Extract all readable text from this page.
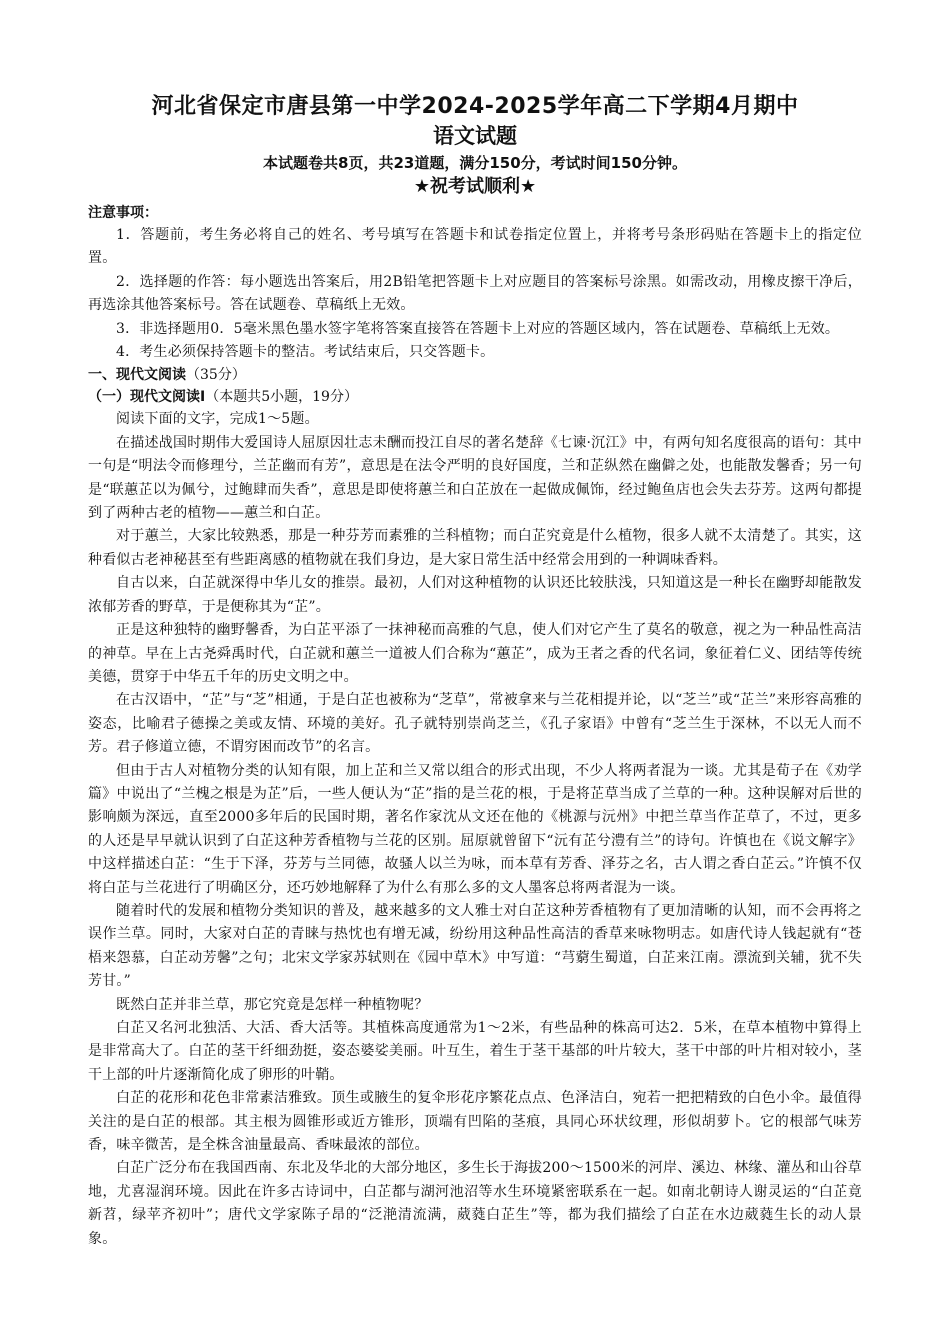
河北省保定市唐县第一中学2024-2025学年高二下学期4月期中
语文试题
本试题卷共8页，共23道题，满分150分，考试时间150分钟。
★祝考试顺利★
注意事项：

1．答题前，考生务必将自己的姓名、考号填写在答题卡和试卷指定位置上，并将考号条形码贴在答题卡上的指定位置。

2．选择题的作答：每小题选出答案后，用2B铅笔把答题卡上对应题目的答案标号涂黑。如需改动，用橡皮擦干净后，再选涂其他答案标号。答在试题卷、草稿纸上无效。

3．非选择题用0．5毫米黑色墨水签字笔将答案直接答在答题卡上对应的答题区域内，答在试题卷、草稿纸上无效。

4．考生必须保持答题卡的整洁。考试结束后，只交答题卡。

一、现代文阅读（35分）
（一）现代文阅读Ⅰ（本题共5小题，19分）

阅读下面的文字，完成1～5题。

在描述战国时期伟大爱国诗人屈原因壮志未酬而投江自尽的著名楚辞《七谏·沉江》中，有两句知名度很高的语句：其中一句是“明法令而修理兮，兰芷幽而有芳”，意思是在法令严明的良好国度，兰和芷纵然在幽僻之处，也能散发馨香；另一句是“联蕙芷以为佩兮，过鲍肆而失香”，意思是即使将蕙兰和白芷放在一起做成佩饰，经过鲍鱼店也会失去芬芳。这两句都提到了两种古老的植物——蕙兰和白芷。

对于蕙兰，大家比较熟悉，那是一种芬芳而素雅的兰科植物；而白芷究竟是什么植物，很多人就不太清楚了。其实，这种看似古老神秘甚至有些距离感的植物就在我们身边，是大家日常生活中经常会用到的一种调味香料。

自古以来，白芷就深得中华儿女的推崇。最初，人们对这种植物的认识还比较肤浅，只知道这是一种长在幽野却能散发浓郁芳香的野草，于是便称其为“芷”。

正是这种独特的幽野馨香，为白芷平添了一抹神秘而高雅的气息，使人们对它产生了莫名的敬意，视之为一种品性高洁的神草。早在上古尧舜禹时代，白芷就和蕙兰一道被人们合称为“蕙芷”，成为王者之香的代名词，象征着仁义、团结等传统美德，贯穿于中华五千年的历史文明之中。

在古汉语中，“芷”与“芝”相通，于是白芷也被称为“芝草”，常被拿来与兰花相提并论，以“芝兰”或“芷兰”来形容高雅的姿态，比喻君子德操之美或友情、环境的美好。孔子就特别崇尚芝兰，《孔子家语》中曾有“芝兰生于深林，不以无人而不芳。君子修道立德，不谓穷困而改节”的名言。

但由于古人对植物分类的认知有限，加上芷和兰又常以组合的形式出现，不少人将两者混为一谈。尤其是荀子在《劝学篇》中说出了“兰槐之根是为芷”后，一些人便认为“芷”指的是兰花的根，于是将芷草当成了兰草的一种。这种误解对后世的影响颇为深远，直至2000多年后的民国时期，著名作家沈从文还在他的《桃源与沅州》中把兰草当作芷草了，不过，更多的人还是早早就认识到了白芷这种芳香植物与兰花的区别。屈原就曾留下“沅有芷兮澧有兰”的诗句。许慎也在《说文解字》中这样描述白芷：“生于下泽，芬芳与兰同德，故骚人以兰为咏，而本草有芳香、泽芬之名，古人谓之香白芷云。”许慎不仅将白芷与兰花进行了明确区分，还巧妙地解释了为什么有那么多的文人墨客总将两者混为一谈。

随着时代的发展和植物分类知识的普及，越来越多的文人雅士对白芷这种芳香植物有了更加清晰的认知，而不会再将之误作兰草。同时，大家对白芷的青睐与热忱也有增无减，纷纷用这种品性高洁的香草来咏物明志。如唐代诗人钱起就有“苍梧来怨慕，白芷动芳馨”之句；北宋文学家苏轼则在《园中草木》中写道：“芎藭生蜀道，白芷来江南。漂流到关辅，犹不失芳甘。”

既然白芷并非兰草，那它究竟是怎样一种植物呢？

白芷又名河北独活、大活、香大活等。其植株高度通常为1～2米，有些品种的株高可达2．5米，在草本植物中算得上是非常高大了。白芷的茎干纤细劲挺，姿态婆娑美丽。叶互生，着生于茎干基部的叶片较大，茎干中部的叶片相对较小，茎干上部的叶片逐渐简化成了卵形的叶鞘。

白芷的花形和花色非常素洁雅致。顶生或腋生的复伞形花序繁花点点、色泽洁白，宛若一把把精致的白色小伞。最值得关注的是白芷的根部。其主根为圆锥形或近方锥形，顶端有凹陷的茎痕，具同心环状纹理，形似胡萝卜。它的根部气味芳香，味辛微苦，是全株含油量最高、香味最浓的部位。

白芷广泛分布在我国西南、东北及华北的大部分地区，多生长于海拔200～1500米的河岸、溪边、林缘、灌丛和山谷草地，尤喜湿润环境。因此在许多古诗词中，白芷都与湖河池沼等水生环境紧密联系在一起。如南北朝诗人谢灵运的“白芷竟新苕，绿苹齐初叶”；唐代文学家陈子昂的“泛滟清流满，葳蕤白芷生”等，都为我们描绘了白芷在水边葳蕤生长的动人景象。
